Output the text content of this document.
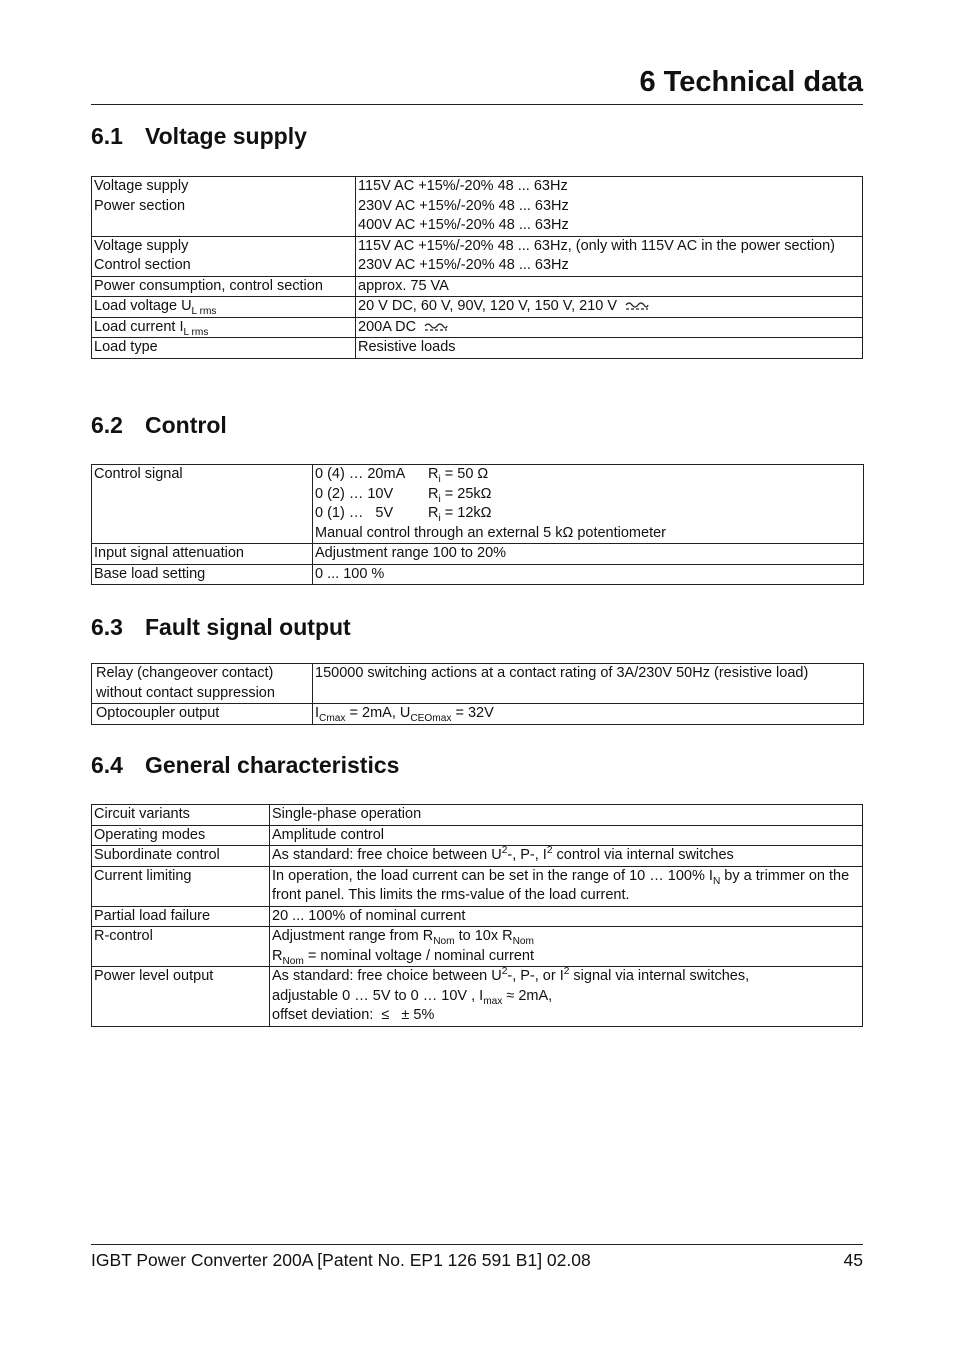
6 Technical data
6.1 Voltage supply
Voltage supply
Power section	115V AC +15%/-20% 48 ... 63Hz
230V AC +15%/-20% 48 ... 63Hz
400V AC +15%/-20% 48 ... 63Hz

Voltage supply
Control section	115V AC +15%/-20% 48 ... 63Hz, (only with 115V AC in the power section)
230V AC +15%/-20% 48 ... 63Hz

Power consumption, control section	approx. 75 VA
Load voltage $U_{L rms}$	20 V DC, 60 V, 90V, 120 V, 150 V, 210 V
Load current $I_{L rms}$	200A DC
Load type	Resistive loads
6.2 Control
Control signal	0 (4) … 20mA $R_i = 50$ Ω
0 (2) … 10V $R_i = 25k\Omega$
0 (1) …   5V $R_i = 12k\Omega$
Manual control through an external 5 kΩ potentiometer

Input signal attenuation	Adjustment range 100 to 20%
Base load setting	0 ... 100 %
6.3 Fault signal output
Relay (changeover contact)
without contact suppression	150000 switching actions at a contact rating of 3A/230V 50Hz (resistive load)
Optocoupler output	$I_{Cmax} = 2mA$, $U_{CEOmax} = 32V$
6.4 General characteristics
Circuit variants	Single-phase operation
Operating modes	Amplitude control
Subordinate control	As standard: free choice between $U^2-$, P-, $I^2$ control via internal switches
Current limiting	In operation, the load current can be set in the range of 10 … 100% $I_N$ by a trimmer on the front panel. This limits the rms-value of the load current.
Partial load failure	20 ... 100% of nominal current
R-control	Adjustment range from $R_{Nom}$ to 10x $R_{Nom}$
$R_{Nom}$ = nominal voltage / nominal current

Power level output	As standard: free choice between $U^2-$, P-, or $I^2$ signal via internal switches,
adjustable 0 … 5V to 0 … 10V , $I_{max} \approx 2mA$,
offset deviation:  ≤   ± 5%
IGBT Power Converter 200A [Patent No. EP1 126 591 B1] 02.08	45
